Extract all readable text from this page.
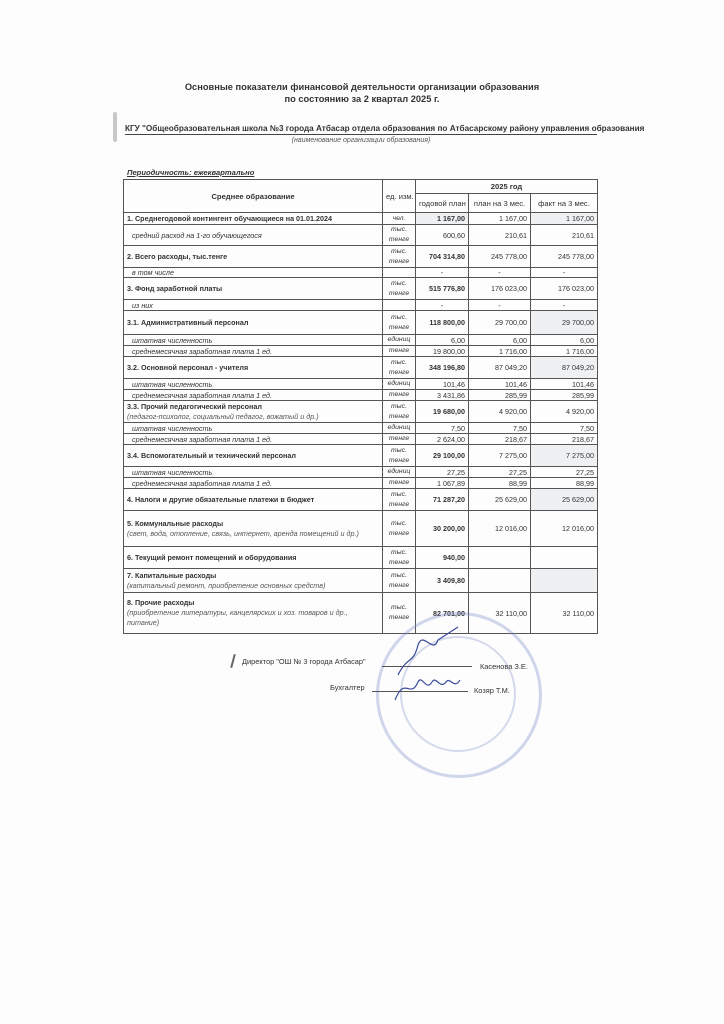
Основные показатели финансовой деятельности организации образования
по состоянию за 2 квартал 2025 г.
КГУ "Общеобразовательная школа №3 города Атбасар отдела образования по Атбасарскому району управления образования
(наименование организации образования)
Периодичность: ежеквартально
Среднее образование	ед. изм.	2025 год		
		годовой план	план на 3 мес.	факт на 3 мес.
1. Среднегодовой контингент обучающиеся на 01.01.2024	чел.	1 167,00	1 167,00	1 167,00
средний расход на 1-го обучающегося	тыс. тенге	600,60	210,61	210,61
2. Всего расходы, тыс.тенге	тыс. тенге	704 314,80	245 778,00	245 778,00
в том числе		-	-	-
3. Фонд заработной платы	тыс. тенге	515 776,80	176 023,00	176 023,00
из них		-	-	-
3.1. Административный персонал	тыс. тенге	118 800,00	29 700,00	29 700,00
штатная численность	единиц	6,00	6,00	6,00
среднемесячная заработная плата 1 ед.	тенге	19 800,00	1 716,00	1 716,00
3.2. Основной персонал - учителя	тыс. тенге	348 196,80	87 049,20	87 049,20
штатная численность	единиц	101,46	101,46	101,46
среднемесячная заработная плата 1 ед.	тенге	3 431,86	285,99	285,99
3.3. Прочий педагогический персонал
(педагог-психолог, социальный педагог, вожатый и др.)	тыс. тенге	19 680,00	4 920,00	4 920,00
штатная численность	единиц	7,50	7,50	7,50
среднемесячная заработная плата 1 ед.	тенге	2 624,00	218,67	218,67
3.4. Вспомогательный и технический персонал	тыс. тенге	29 100,00	7 275,00	7 275,00
штатная численность	единиц	27,25	27,25	27,25
среднемесячная заработная плата 1 ед.	тенге	1 067,89	88,99	88,99
4. Налоги и другие обязательные платежи в бюджет	тыс. тенге	71 287,20	25 629,00	25 629,00
5. Коммунальные расходы
(свет, вода, отопление, связь, интернет, аренда помещений и др.)	тыс. тенге	30 200,00	12 016,00	12 016,00
6. Текущий ремонт помещений и оборудования	тыс. тенге	940,00		
7. Капитальные расходы
(капитальный ремонт, приобретение основных средств)	тыс. тенге	3 409,80		
8. Прочие расходы
(приобретение литературы, канцелярских и хоз. товаров и др., питание)	тыс. тенге	82 701,00	32 110,00	32 110,00
Директор "ОШ № 3 города Атбасар"
Касенова З.Е.
Бухгалтер	Козяр Т.М.
